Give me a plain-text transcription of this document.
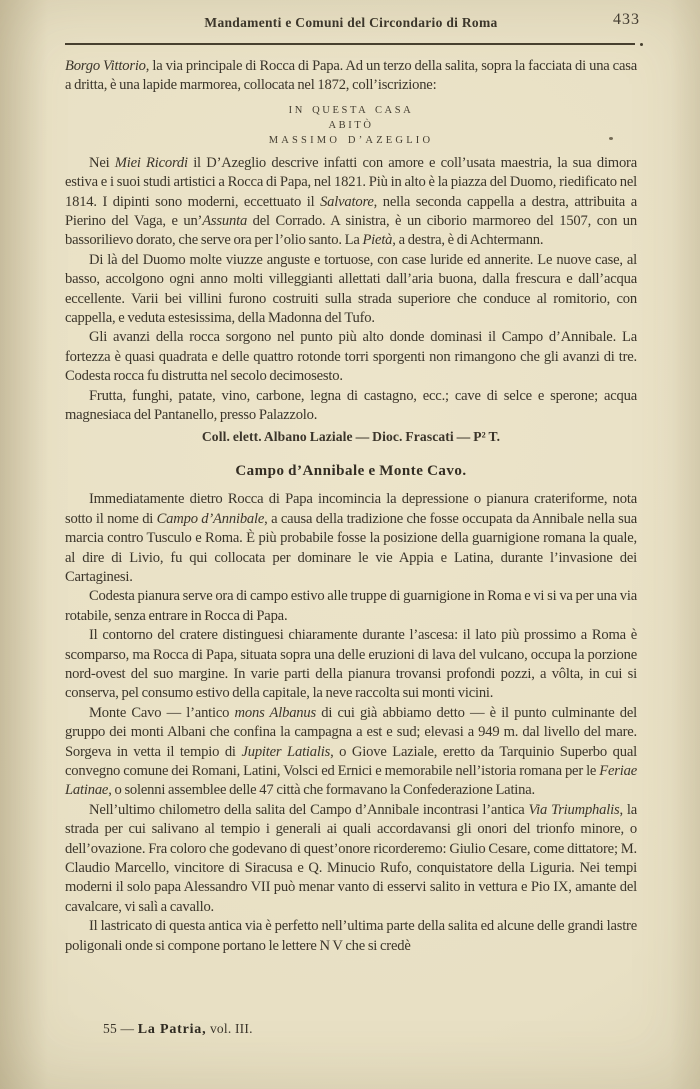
Mandamenti e Comuni del Circondario di Roma	433

Borgo Vittorio, la via principale di Rocca di Papa. Ad un terzo della salita, sopra la facciata di una casa a dritta, è una lapide marmorea, collocata nel 1872, coll’iscrizione:

IN QUESTA CASA
ABITÒ
MASSIMO D’AZEGLIO

Nei Miei Ricordi il D’Azeglio descrive infatti con amore e coll’usata maestria, la sua dimora estiva e i suoi studi artistici a Rocca di Papa, nel 1821. Più in alto è la piazza del Duomo, riedificato nel 1814. I dipinti sono moderni, eccettuato il Salvatore, nella seconda cappella a destra, attribuita a Pierino del Vaga, e un’Assunta del Corrado. A sinistra, è un ciborio marmoreo del 1507, con un bassorilievo dorato, che serve ora per l’olio santo. La Pietà, a destra, è di Achtermann.

Di là del Duomo molte viuzze anguste e tortuose, con case luride ed annerite. Le nuove case, al basso, accolgono ogni anno molti villeggianti allettati dall’aria buona, dalla frescura e dall’acqua eccellente. Varii bei villini furono costruiti sulla strada superiore che conduce al romitorio, con cappella, e veduta estesissima, della Madonna del Tufo.

Gli avanzi della rocca sorgono nel punto più alto donde dominasi il Campo d’Annibale. La fortezza è quasi quadrata e delle quattro rotonde torri sporgenti non rimangono che gli avanzi di tre. Codesta rocca fu distrutta nel secolo decimosesto.

Frutta, funghi, patate, vino, carbone, legna di castagno, ecc.; cave di selce e sperone; acqua magnesiaca del Pantanello, presso Palazzolo.

Coll. elett. Albano Laziale — Dioc. Frascati — P² T.

Campo d’Annibale e Monte Cavo.

Immediatamente dietro Rocca di Papa incomincia la depressione o pianura crateriforme, nota sotto il nome di Campo d’Annibale, a causa della tradizione che fosse occupata da Annibale nella sua marcia contro Tusculo e Roma. È più probabile fosse la posizione della guarnigione romana la quale, al dire di Livio, fu qui collocata per dominare le vie Appia e Latina, durante l’invasione dei Cartaginesi.

Codesta pianura serve ora di campo estivo alle truppe di guarnigione in Roma e vi si va per una via rotabile, senza entrare in Rocca di Papa.

Il contorno del cratere distinguesi chiaramente durante l’ascesa: il lato più prossimo a Roma è scomparso, ma Rocca di Papa, situata sopra una delle eruzioni di lava del vulcano, occupa la porzione nord-ovest del suo margine. In varie parti della pianura trovansi profondi pozzi, a vôlta, in cui si conserva, pel consumo estivo della capitale, la neve raccolta sui monti vicini.

Monte Cavo — l’antico mons Albanus di cui già abbiamo detto — è il punto culminante del gruppo dei monti Albani che confina la campagna a est e sud; elevasi a 949 m. dal livello del mare. Sorgeva in vetta il tempio di Jupiter Latialis, o Giove Laziale, eretto da Tarquinio Superbo qual convegno comune dei Romani, Latini, Volsci ed Ernici e memorabile nell’istoria romana per le Feriae Latinae, o solenni assemblee delle 47 città che formavano la Confederazione Latina.

Nell’ultimo chilometro della salita del Campo d’Annibale incontrasi l’antica Via Triumphalis, la strada per cui salivano al tempio i generali ai quali accordavansi gli onori del trionfo minore, o dell’ovazione. Fra coloro che godevano di quest’onore ricorderemo: Giulio Cesare, come dittatore; M. Claudio Marcello, vincitore di Siracusa e Q. Minucio Rufo, conquistatore della Liguria. Nei tempi moderni il solo papa Alessandro VII può menar vanto di esservi salito in vettura e Pio IX, amante del cavalcare, vi salì a cavallo.

Il lastricato di questa antica via è perfetto nell’ultima parte della salita ed alcune delle grandi lastre poligonali onde si compone portano le lettere N V che si credè

55 — La Patria, vol. III.
